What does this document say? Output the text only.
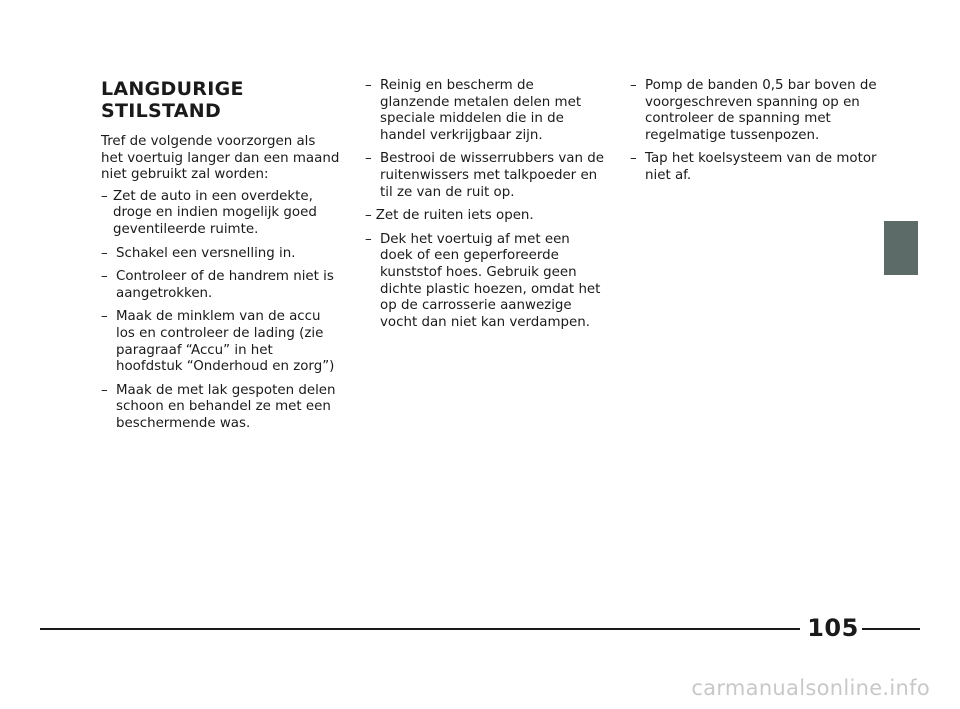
LANGDURIGE
STILSTAND

Tref de volgende voorzorgen als het voertuig langer dan een maand niet gebruikt zal worden:

– Zet de auto in een overdekte, droge en indien mogelijk goed geventileerde ruimte.
– Schakel een versnelling in.
– Controleer of de handrem niet is aangetrokken.
– Maak de minklem van de accu los en controleer de lading (zie paragraaf “Accu” in het hoofdstuk “Onderhoud en zorg”)
– Maak de met lak gespoten delen schoon en behandel ze met een beschermende was.
– Reinig en bescherm de glanzende metalen delen met speciale middelen die in de handel verkrijgbaar zijn.
– Bestrooi de wisserrubbers van de ruitenwissers met talkpoeder en til ze van de ruit op.
– Zet de ruiten iets open.
– Dek het voertuig af met een doek of een geperforeerde kunststof hoes. Gebruik geen dichte plastic hoezen, omdat het op de carrosserie aanwezige vocht dan niet kan verdampen.
– Pomp de banden 0,5 bar boven de voorgeschreven spanning op en controleer de spanning met regelmatige tussenpozen.
– Tap het koelsysteem van de motor niet af.
105
carmanualsonline.info
